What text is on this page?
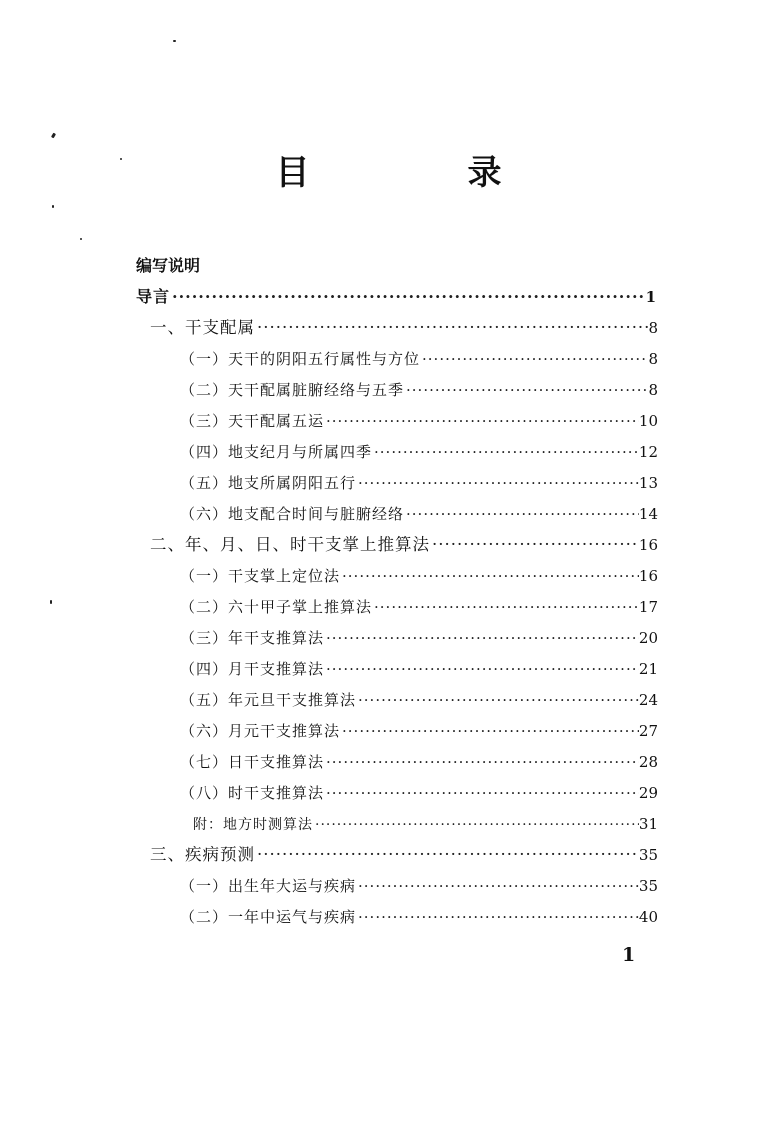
目　录
编写说明
导言 ·····	1
一、干支配属 ·····	8
（一）天干的阴阳五行属性与方位 ·····	8
（二）天干配属脏腑经络与五季 ·····	8
（三）天干配属五运 ·····	10
（四）地支纪月与所属四季 ·····	12
（五）地支所属阴阳五行 ·····	13
（六）地支配合时间与脏腑经络 ·····	14
二、年、月、日、时干支掌上推算法 ·····	16
（一）干支掌上定位法 ·····	16
（二）六十甲子掌上推算法 ·····	17
（三）年干支推算法 ·····	20
（四）月干支推算法 ·····	21
（五）年元旦干支推算法 ·····	24
（六）月元干支推算法 ·····	27
（七）日干支推算法 ·····	28
（八）时干支推算法 ·····	29
附：地方时测算法 ·····	31
三、疾病预测 ·····	35
（一）出生年大运与疾病 ·····	35
（二）一年中运气与疾病 ·····	40
1
